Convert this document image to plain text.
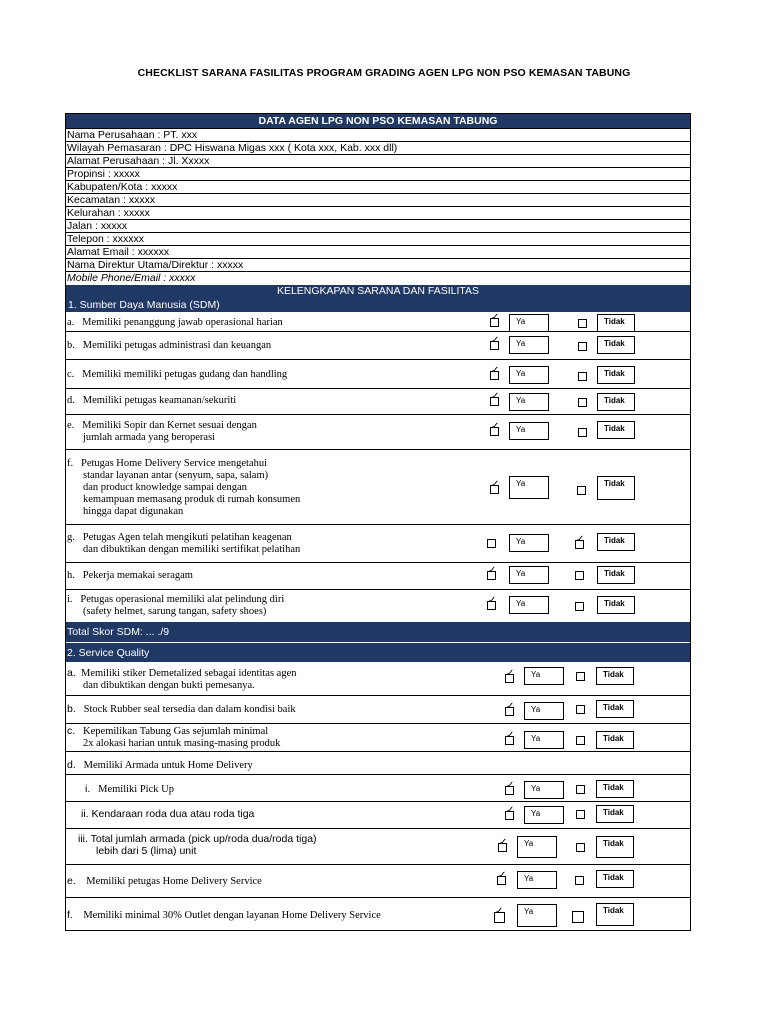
CHECKLIST SARANA FASILITAS PROGRAM GRADING AGEN LPG NON PSO KEMASAN TABUNG
DATA AGEN LPG NON PSO KEMASAN TABUNG
Nama Perusahaan : PT. xxx
Wilayah Pemasaran : DPC Hiswana Migas xxx ( Kota xxx, Kab. xxx dll)
Alamat Perusahaan : Jl. Xxxxx
Propinsi : xxxxx
Kabupaten/Kota : xxxxx
Kecamatan : xxxxx
Kelurahan : xxxxx
Jalan : xxxxx
Telepon : xxxxxx
Alamat Email : xxxxxx
Nama Direktur Utama/Direktur : xxxxx
Mobile Phone/Email : xxxxx
KELENGKAPAN SARANA DAN FASILITAS
1. Sumber Daya Manusia (SDM)
a. Memiliki penanggung jawab operasional harian	✓	Ya	Tidak
b. Memiliki petugas administrasi dan keuangan	✓	Ya	Tidak
c. Memiliki memiliki petugas gudang dan handling	✓	Ya	Tidak
d. Memiliki petugas keamanan/sekuriti	✓	Ya	Tidak
e. Memiliki Sopir dan Kernet sesuai dengan
jumlah armada yang beroperasi
✓	Ya	Tidak
f. Petugas Home Delivery Service mengetahui
standar layanan antar (senyum, sapa, salam)
dan product knowledge sampai dengan
kemampuan memasang produk di rumah konsumen
hingga dapat digunakan
✓	Ya	Tidak
g. Petugas Agen telah mengikuti pelatihan keagenan
dan dibuktikan dengan memiliki sertifikat pelatihan
Ya	✓	Tidak
h. Pekerja memakai seragam	✓	Ya	Tidak
i. Petugas operasional memiliki alat pelindung diri
(safety helmet, sarung tangan, safety shoes)
✓	Ya	Tidak
Total Skor SDM: ... ./9
2. Service Quality
a. Memiliki stiker Demetalized sebagai identitas agen
dan dibuktikan dengan bukti pemesanya.
✓	Ya	Tidak
b. Stock Rubber seal tersedia dan dalam kondisi baik	✓	Ya	Tidak
c. Kepemilikan Tabung Gas sejumlah minimal
2x alokasi harian untuk masing-masing produk
✓	Ya	Tidak
d. Memiliki Armada untuk Home Delivery
i. Memiliki Pick Up	✓	Ya	Tidak
ii. Kendaraan roda dua atau roda tiga	✓	Ya	Tidak
iii. Total jumlah armada (pick up/roda dua/roda tiga)
lebih dari 5 (lima) unit
✓	Ya	Tidak
e. Memiliki petugas Home Delivery Service
✓	Ya	Tidak
f. Memiliki minimal 30% Outlet dengan layanan Home Delivery Service	✓	Ya	Tidak
